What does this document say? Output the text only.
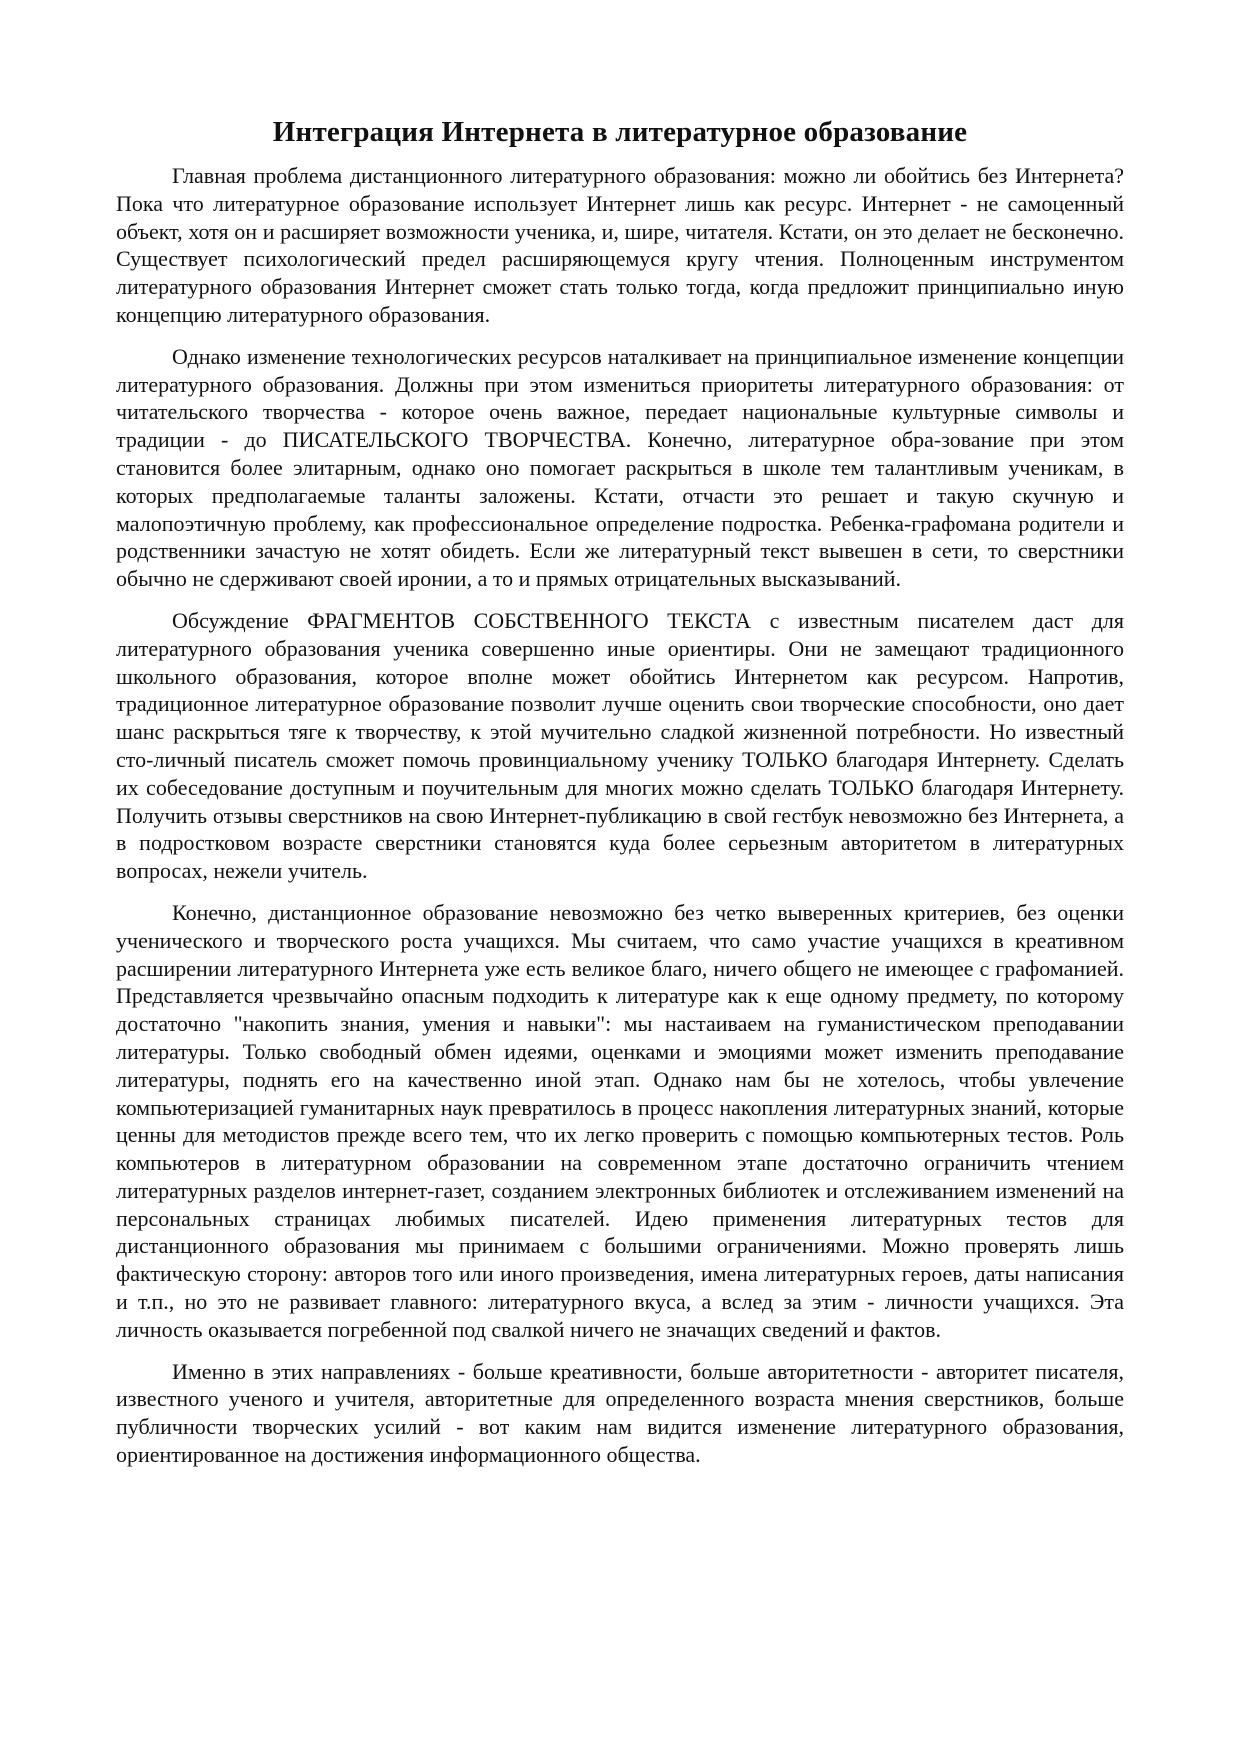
Интеграция Интернета в литературное образование

Главная проблема дистанционного литературного образования: можно ли обойтись без Интернета? Пока что литературное образование использует Интернет лишь как ресурс. Интернет - не самоценный объект, хотя он и расширяет возможности ученика, и, шире, читателя. Кстати, он это делает не бесконечно. Существует психологический предел расширяющемуся кругу чтения. Полноценным инструментом литературного образования Интернет сможет стать только тогда, когда предложит принципиально иную концепцию литературного образования.

Однако изменение технологических ресурсов наталкивает на принципиальное изменение концепции литературного образования. Должны при этом измениться приоритеты литературного образования: от читательского творчества - которое очень важное, передает национальные культурные символы и традиции - до ПИСАТЕЛЬСКОГО ТВОРЧЕСТВА. Конечно, литературное обра-зование при этом становится более элитарным, однако оно помогает раскрыться в школе тем талантливым ученикам, в которых предполагаемые таланты заложены. Кстати, отчасти это решает и такую скучную и малопоэтичную проблему, как профессиональное определение подростка. Ребенка-графомана родители и родственники зачастую не хотят обидеть. Если же литературный текст вывешен в сети, то сверстники обычно не сдерживают своей иронии, а то и прямых отрицательных высказываний.

Обсуждение ФРАГМЕНТОВ СОБСТВЕННОГО ТЕКСТА с известным писателем даст для литературного образования ученика совершенно иные ориентиры. Они не замещают традиционного школьного образования, которое вполне может обойтись Интернетом как ресурсом. Напротив, традиционное литературное образование позволит лучше оценить свои творческие способности, оно дает шанс раскрыться тяге к творчеству, к этой мучительно сладкой жизненной потребности. Но известный сто-личный писатель сможет помочь провинциальному ученику ТОЛЬКО благодаря Интернету. Сделать их собеседование доступным и поучительным для многих можно сделать ТОЛЬКО благодаря Интернету. Получить отзывы сверстников на свою Интернет-публикацию в свой гестбук невозможно без Интернета, а в подростковом возрасте сверстники становятся куда более серьезным авторитетом в литературных вопросах, нежели учитель.

Конечно, дистанционное образование невозможно без четко выверенных критериев, без оценки ученического и творческого роста учащихся. Мы считаем, что само участие учащихся в креативном расширении литературного Интернета уже есть великое благо, ничего общего не имеющее с графоманией. Представляется чрезвычайно опасным подходить к литературе как к еще одному предмету, по которому достаточно "накопить знания, умения и навыки": мы настаиваем на гуманистическом преподавании литературы. Только свободный обмен идеями, оценками и эмоциями может изменить преподавание литературы, поднять его на качественно иной этап. Однако нам бы не хотелось, чтобы увлечение компьютеризацией гуманитарных наук превратилось в процесс накопления литературных знаний, которые ценны для методистов прежде всего тем, что их легко проверить с помощью компьютерных тестов. Роль компьютеров в литературном образовании на современном этапе достаточно ограничить чтением литературных разделов интернет-газет, созданием электронных библиотек и отслеживанием изменений на персональных страницах любимых писателей. Идею применения литературных тестов для дистанционного образования мы принимаем с большими ограничениями. Можно проверять лишь фактическую сторону: авторов того или иного произведения, имена литературных героев, даты написания и т.п., но это не развивает главного: литературного вкуса, а вслед за этим - личности учащихся. Эта личность оказывается погребенной под свалкой ничего не значащих сведений и фактов.

Именно в этих направлениях - больше креативности, больше авторитетности - авторитет писателя, известного ученого и учителя, авторитетные для определенного возраста мнения сверстников, больше публичности творческих усилий - вот каким нам видится изменение литературного образования, ориентированное на достижения информационного общества.
